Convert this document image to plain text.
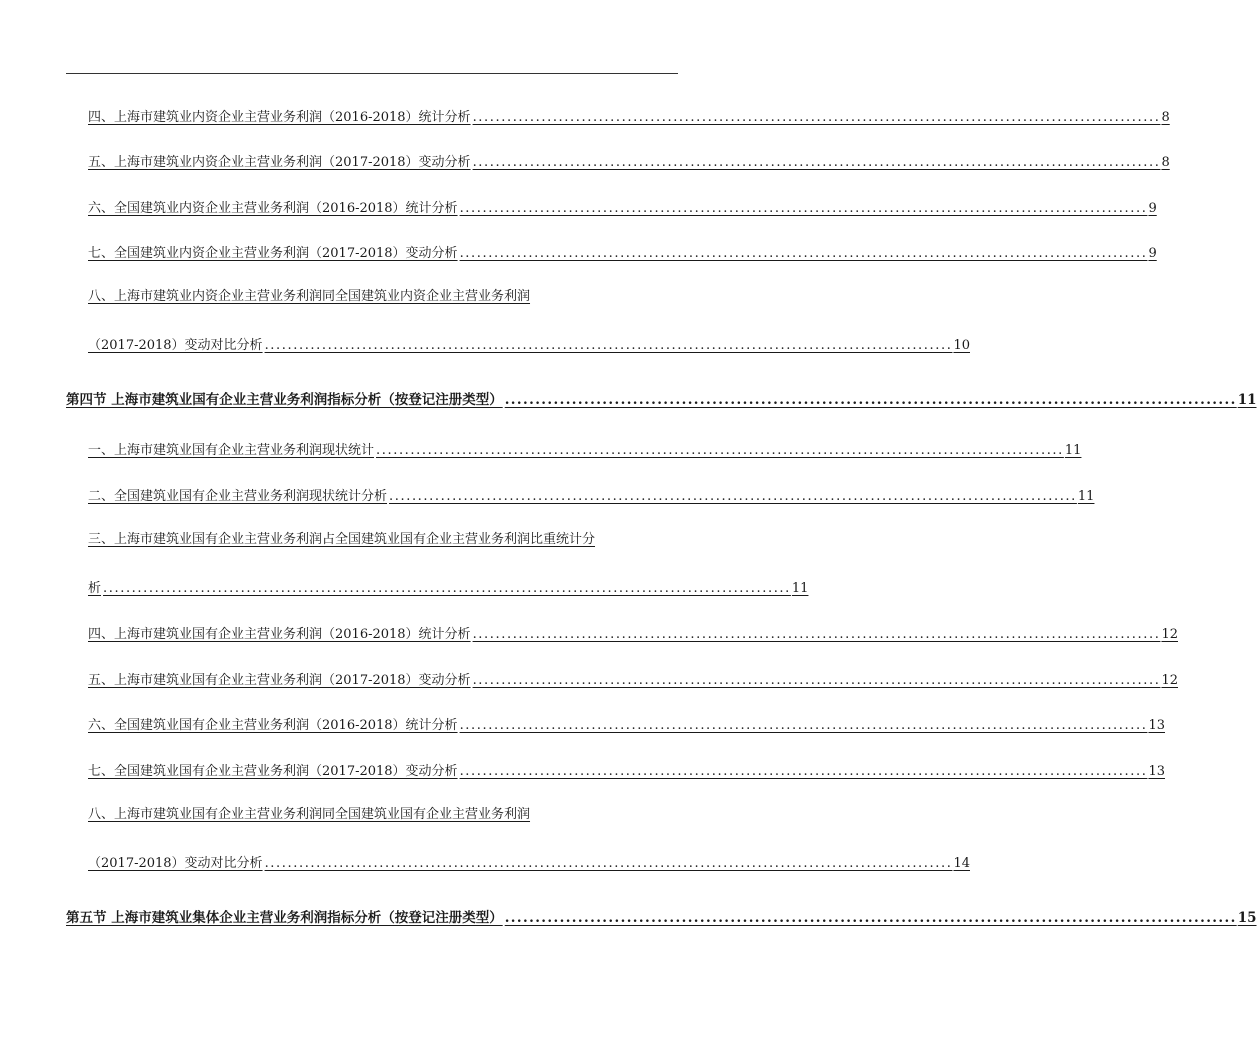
四、上海市建筑业内资企业主营业务利润（2016-2018）统计分析 ........................................................................................................................ 8
五、上海市建筑业内资企业主营业务利润（2017-2018）变动分析 ........................................................................................................................ 8
六、全国建筑业内资企业主营业务利润（2016-2018）统计分析 ........................................................................................................................ 9
七、全国建筑业内资企业主营业务利润（2017-2018）变动分析 ........................................................................................................................ 9
八、上海市建筑业内资企业主营业务利润同全国建筑业内资企业主营业务利润
（2017-2018）变动对比分析 ........................................................................................................................ 10
第四节 上海市建筑业国有企业主营业务利润指标分析（按登记注册类型） ........................................................................................................................ 11
一、上海市建筑业国有企业主营业务利润现状统计 ........................................................................................................................ 11
二、全国建筑业国有企业主营业务利润现状统计分析 ........................................................................................................................ 11
三、上海市建筑业国有企业主营业务利润占全国建筑业国有企业主营业务利润比重统计分
析 ........................................................................................................................ 11
四、上海市建筑业国有企业主营业务利润（2016-2018）统计分析 ........................................................................................................................ 12
五、上海市建筑业国有企业主营业务利润（2017-2018）变动分析 ........................................................................................................................ 12
六、全国建筑业国有企业主营业务利润（2016-2018）统计分析 ........................................................................................................................ 13
七、全国建筑业国有企业主营业务利润（2017-2018）变动分析 ........................................................................................................................ 13
八、上海市建筑业国有企业主营业务利润同全国建筑业国有企业主营业务利润
（2017-2018）变动对比分析 ........................................................................................................................ 14
第五节 上海市建筑业集体企业主营业务利润指标分析（按登记注册类型） ........................................................................................................................ 15
